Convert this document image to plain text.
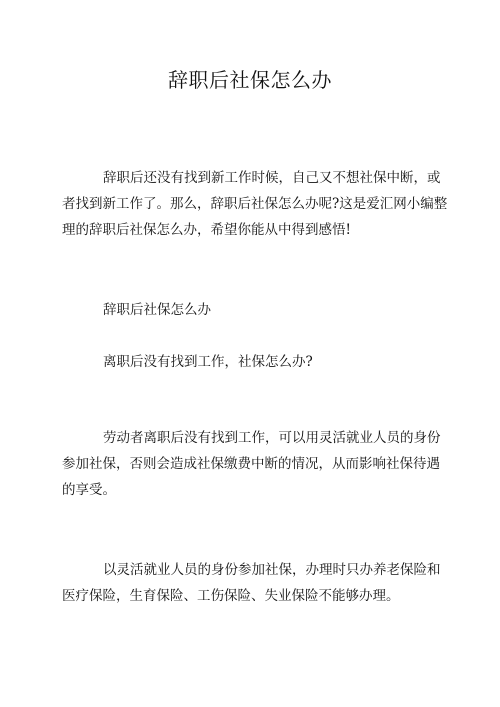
辞职后社保怎么办

辞职后还没有找到新工作时候，自己又不想社保中断，或者找到新工作了。那么，辞职后社保怎么办呢?这是爱汇网小编整理的辞职后社保怎么办，希望你能从中得到感悟!

辞职后社保怎么办

离职后没有找到工作，社保怎么办?

劳动者离职后没有找到工作，可以用灵活就业人员的身份参加社保，否则会造成社保缴费中断的情况，从而影响社保待遇的享受。

以灵活就业人员的身份参加社保，办理时只办养老保险和医疗保险，生育保险、工伤保险、失业保险不能够办理。
